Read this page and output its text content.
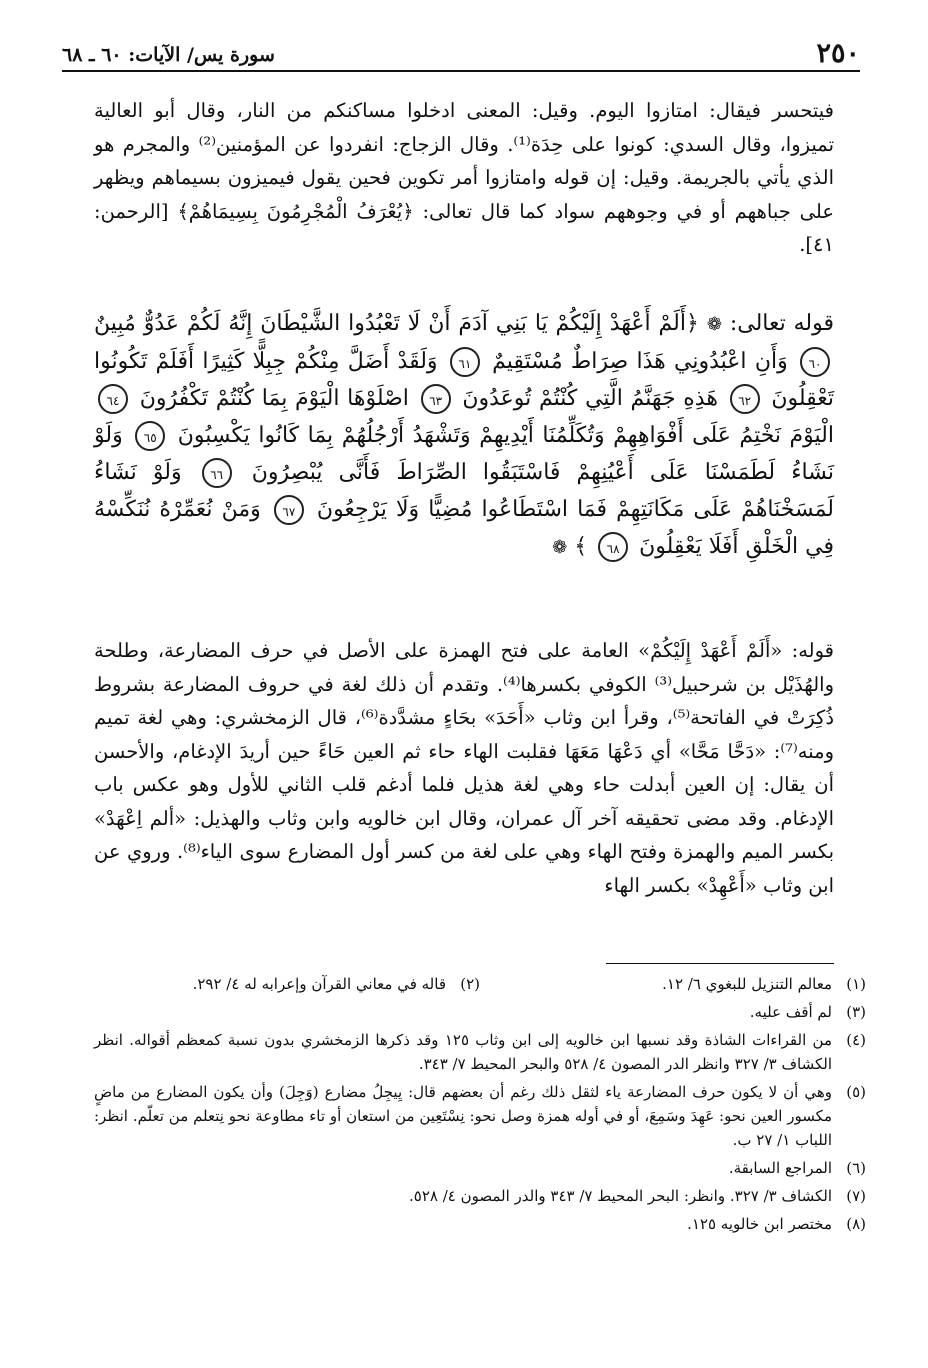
٢٥٠
سورة يس/ الآيات: ٦٠ ـ ٦٨

فيتحسر فيقال: امتازوا اليوم. وقيل: المعنى ادخلوا مساكنكم من النار، وقال أبو العالية تميزوا، وقال السدي: كونوا على حِدَة⁽¹⁾. وقال الزجاج: انفردوا عن المؤمنين⁽²⁾ والمجرم هو الذي يأتي بالجريمة. وقيل: إن قوله وامتازوا أمر تكوين فحين يقول فيميزون بسيماهم ويظهر على جباههم أو في وجوههم سواد كما قال تعالى: ﴿يُعْرَفُ الْمُجْرِمُونَ بِسِيمَاهُمْ﴾ [الرحمن: ٤١].

قوله تعالى: ❁ ﴿أَلَمْ أَعْهَدْ إِلَيْكُمْ يَا بَنِي آدَمَ أَنْ لَا تَعْبُدُوا الشَّيْطَانَ إِنَّهُ لَكُمْ عَدُوٌّ مُبِينٌ ٦٠ وَأَنِ اعْبُدُونِي هَذَا صِرَاطٌ مُسْتَقِيمٌ ٦١ وَلَقَدْ أَضَلَّ مِنْكُمْ جِبِلًّا كَثِيرًا أَفَلَمْ تَكُونُوا تَعْقِلُونَ ٦٢ هَذِهِ جَهَنَّمُ الَّتِي كُنْتُمْ تُوعَدُونَ ٦٣ اصْلَوْهَا الْيَوْمَ بِمَا كُنْتُمْ تَكْفُرُونَ ٦٤ الْيَوْمَ نَخْتِمُ عَلَى أَفْوَاهِهِمْ وَتُكَلِّمُنَا أَيْدِيهِمْ وَتَشْهَدُ أَرْجُلُهُمْ بِمَا كَانُوا يَكْسِبُونَ ٦٥ وَلَوْ نَشَاءُ لَطَمَسْنَا عَلَى أَعْيُنِهِمْ فَاسْتَبَقُوا الصِّرَاطَ فَأَنَّى يُبْصِرُونَ ٦٦ وَلَوْ نَشَاءُ لَمَسَخْنَاهُمْ عَلَى مَكَانَتِهِمْ فَمَا اسْتَطَاعُوا مُضِيًّا وَلَا يَرْجِعُونَ ٦٧ وَمَنْ نُعَمِّرْهُ نُنَكِّسْهُ فِي الْخَلْقِ أَفَلَا يَعْقِلُونَ ٦٨ ﴾ ❁

قوله: «أَلَمْ أَعْهَدْ إِلَيْكُمْ» العامة على فتح الهمزة على الأصل في حرف المضارعة، وطلحة والهُذَيْل بن شرحبيل⁽³⁾ الكوفي بكسرها⁽⁴⁾. وتقدم أن ذلك لغة في حروف المضارعة بشروط ذُكِرَتْ في الفاتحة⁽⁵⁾، وقرأ ابن وثاب «أَحَدَ» بحَاءٍ مشدَّدة⁽⁶⁾، قال الزمخشري: وهي لغة تميم ومنه⁽⁷⁾: «دَحَّا مَحَّا» أي دَعْهَا مَعَهَا فقلبت الهاء حاء ثم العين حَاءً حين أريدَ الإدغام، والأحسن أن يقال: إن العين أبدلت حاء وهي لغة هذيل فلما أدغم قلب الثاني للأول وهو عكس باب الإدغام. وقد مضى تحقيقه آخر آل عمران، وقال ابن خالويه وابن وثاب والهذيل: «ألم اِعْهَدْ» بكسر الميم والهمزة وفتح الهاء وهي على لغة من كسر أول المضارع سوى الياء⁽⁸⁾. وروي عن ابن وثاب «أَعْهِدْ» بكسر الهاء

(١)
معالم التنزيل للبغوي ٦/ ١٢.
(٢)
قاله في معاني القرآن وإعرابه له ٤/ ٢٩٢.
(٣)
لم أقف عليه.
(٤)
من القراءات الشاذة وقد نسبها ابن خالويه إلى ابن وثاب ١٢٥ وقد ذكرها الزمخشري بدون نسبة كمعظم أقواله. انظر الكشاف ٣/ ٣٢٧ وانظر الدر المصون ٤/ ٥٢٨ والبحر المحيط ٧/ ٣٤٣.
(٥)
وهي أن لا يكون حرف المضارعة ياء لثقل ذلك رغم أن بعضهم قال: يِيجِلُ مضارع (وَجِلَ) وأن يكون المضارع من ماضٍ مكسور العين نحو: عَهِدَ وسَمِعَ، أو في أوله همزة وصل نحو: نِسْتَعِين من استعان أو تاء مطاوعة نحو نِتعلم من تعلّم. انظر: اللباب ١/ ٢٧ ب.
(٦)
المراجع السابقة.
(٧)
الكشاف ٣/ ٣٢٧. وانظر: البحر المحيط ٧/ ٣٤٣ والدر المصون ٤/ ٥٢٨.
(٨)
مختصر ابن خالويه ١٢٥.
